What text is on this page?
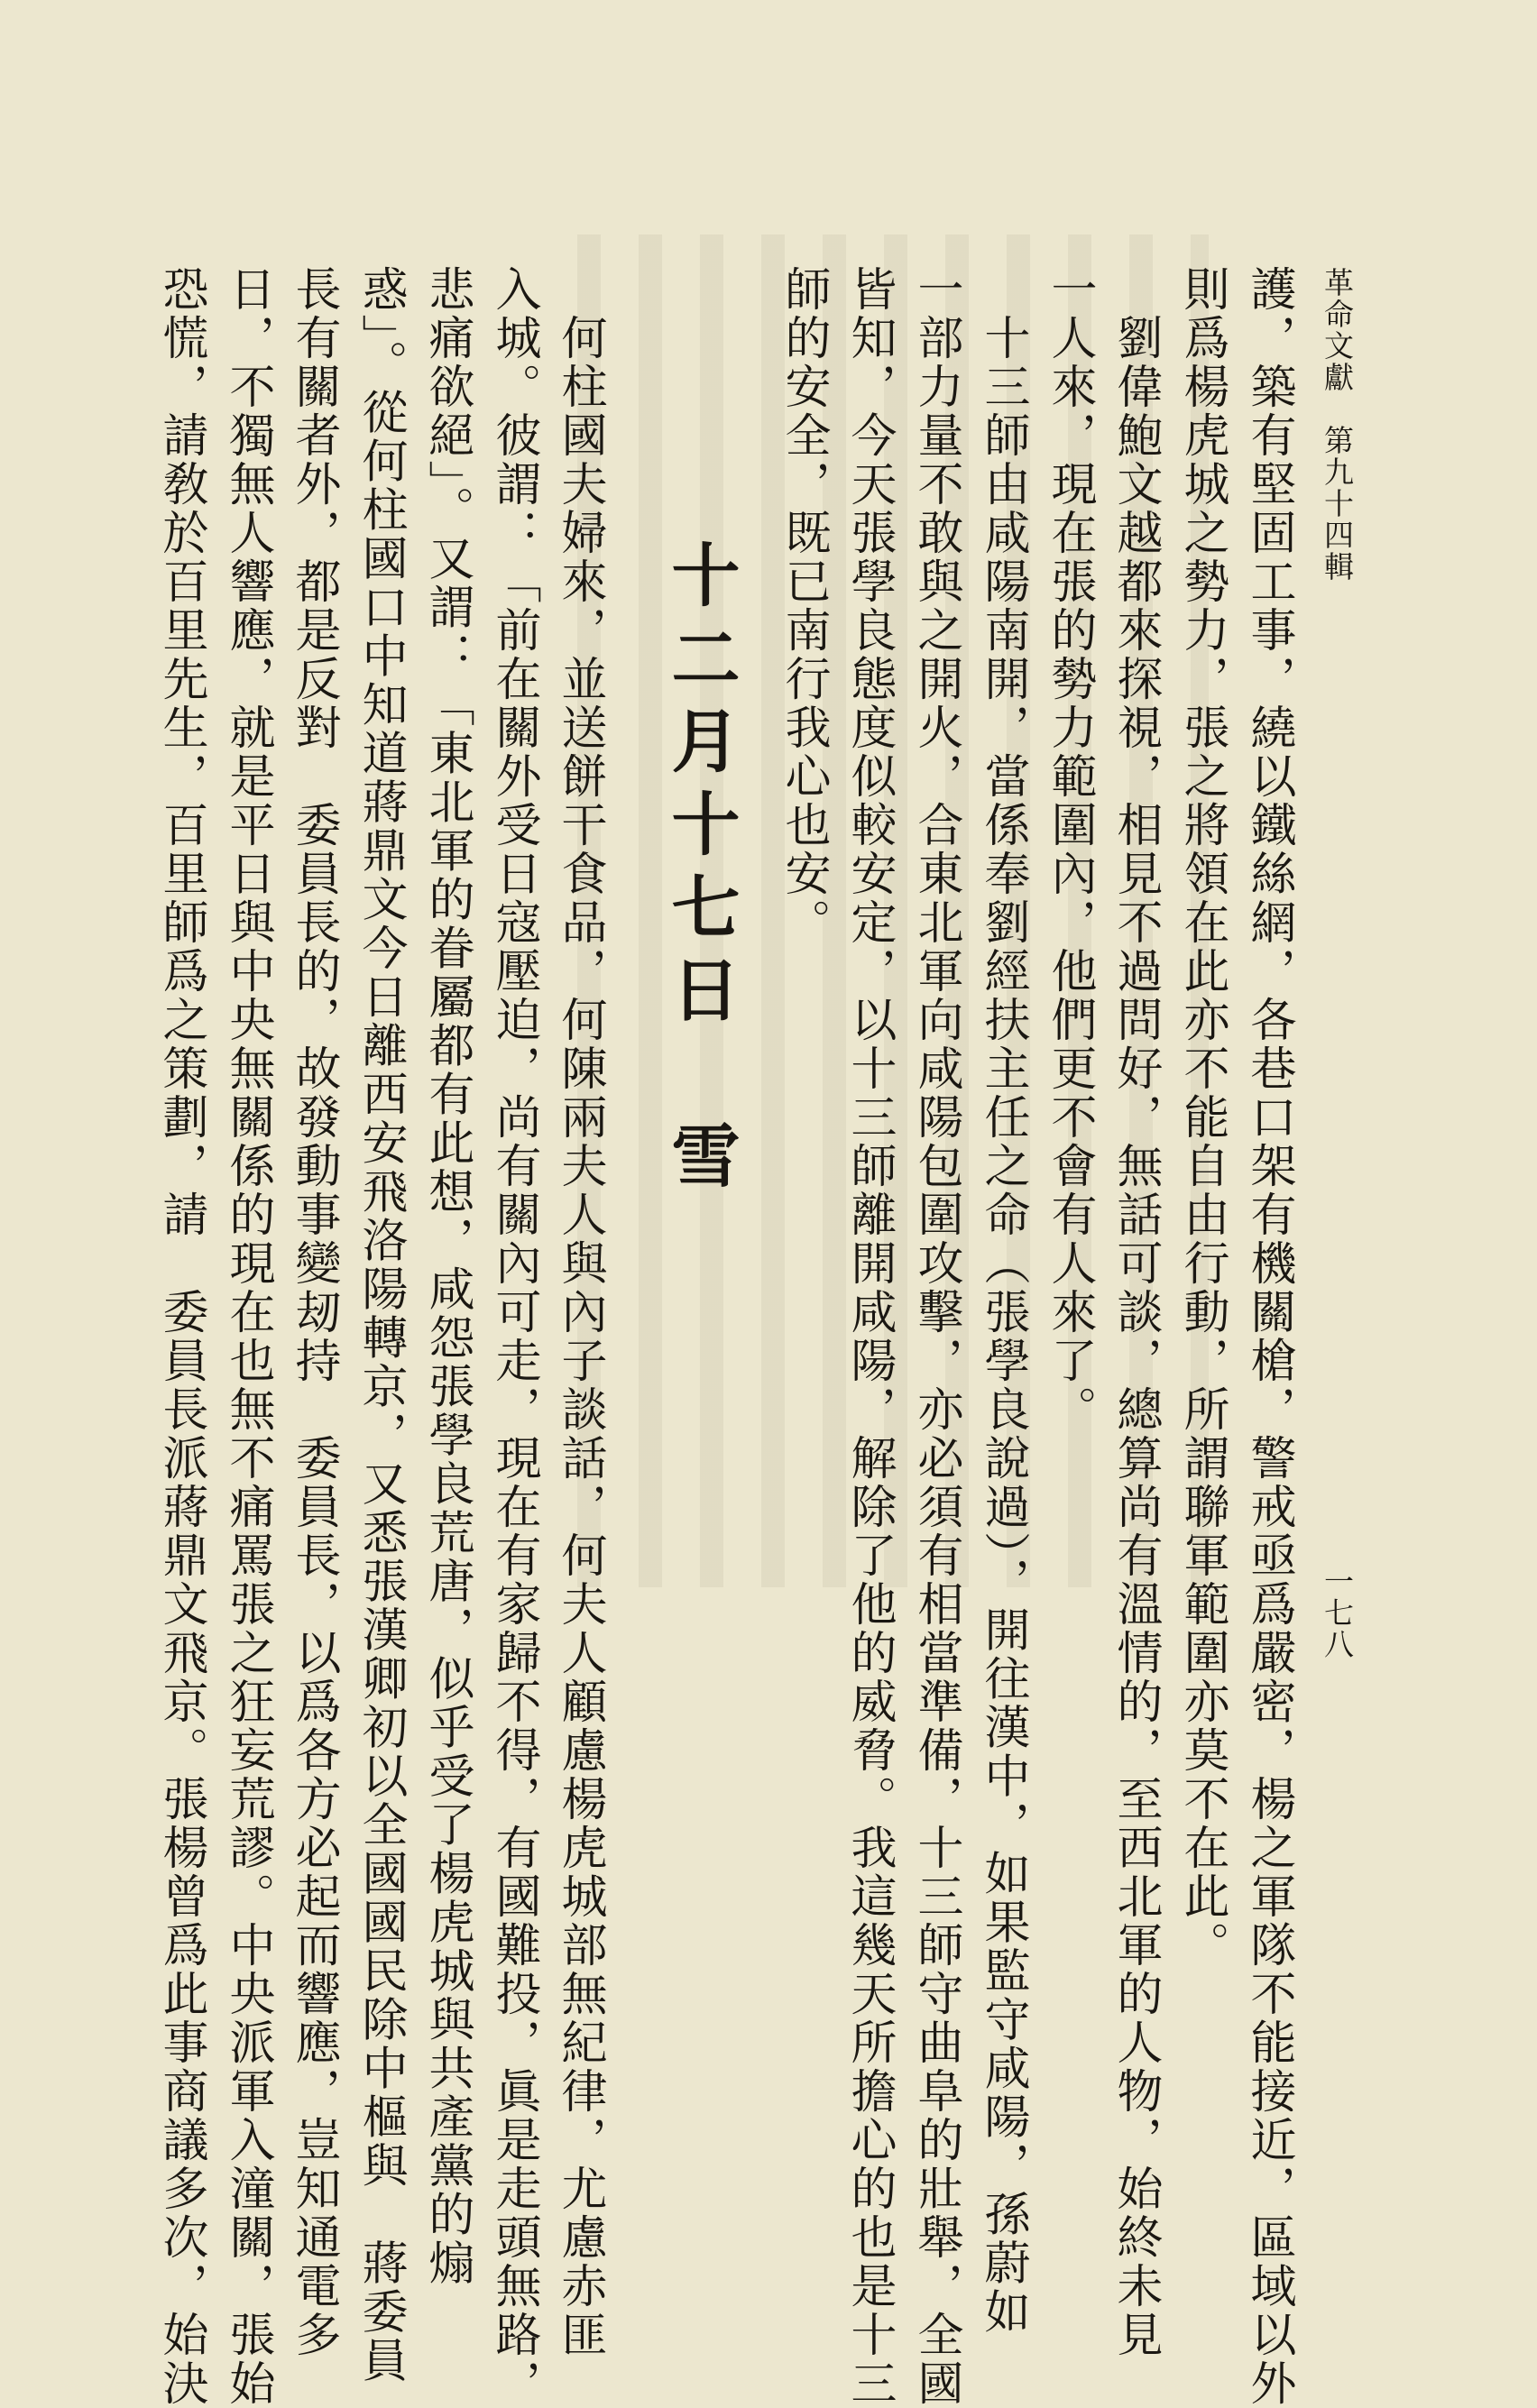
革命文獻　第九十四輯
一七八
護，築有堅固工事，繞以鐵絲網，各巷口架有機關槍，警戒亟爲嚴密，楊之軍隊不能接近，區域以外
則爲楊虎城之勢力，張之將領在此亦不能自由行動，所謂聯軍範圍亦莫不在此。
　劉偉鮑文越都來探視，相見不過問好，無話可談，總算尚有溫情的，至西北軍的人物，始終未見
一人來，現在張的勢力範圍內，他們更不會有人來了。
　十三師由咸陽南開，當係奉劉經扶主任之命（張學良說過），開往漢中，如果監守咸陽，孫蔚如
一部力量不敢與之開火，合東北軍向咸陽包圍攻擊，亦必須有相當準備，十三師守曲阜的壯舉，全國
皆知，今天張學良態度似較安定，以十三師離開咸陽，解除了他的威脅。我這幾天所擔心的也是十三
師的安全，既已南行我心也安。
十二月十七日　雪
　何柱國夫婦來，並送餅干食品，何陳兩夫人與內子談話，何夫人顧慮楊虎城部無紀律，尤慮赤匪
入城。彼謂：「前在關外受日寇壓迫，尚有關內可走，現在有家歸不得，有國難投，眞是走頭無路，
悲痛欲絕」。又謂：「東北軍的眷屬都有此想，咸怨張學良荒唐，似乎受了楊虎城與共產黨的煽
惑」。從何柱國口中知道蔣鼎文今日離西安飛洛陽轉京，又悉張漢卿初以全國國民除中樞與　蔣委員
長有關者外，都是反對　委員長的，故發動事變刼持　委員長，以爲各方必起而響應，豈知通電多
日，不獨無人響應，就是平日與中央無關係的現在也無不痛罵張之狂妄荒謬。中央派軍入潼關，張始
恐慌，請敎於百里先生，百里師爲之策劃，請　委員長派蔣鼎文飛京。張楊曾爲此事商議多次，始決
